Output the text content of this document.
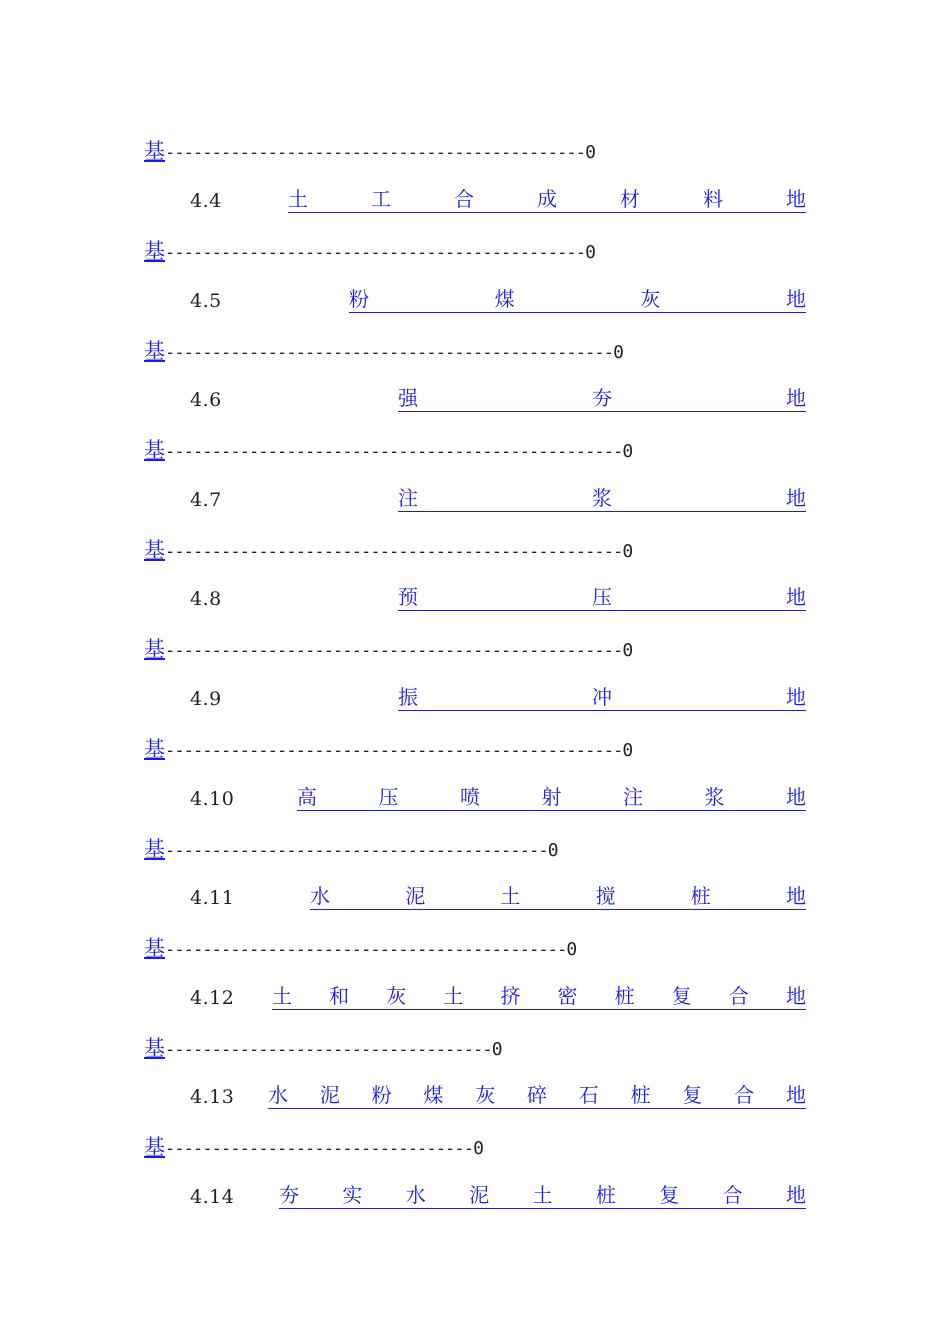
基---------------------------------------------0
4.4	土	工	合	成	材	料	地
基---------------------------------------------0
4.5	粉	煤	灰	地
基------------------------------------------------0
4.6	强	夯	地
基-------------------------------------------------0
4.7	注	浆	地
基-------------------------------------------------0
4.8	预	压	地
基-------------------------------------------------0
4.9	振	冲	地
基-------------------------------------------------0
4.10	高	压	喷	射	注	浆	地
基-----------------------------------------0
4.11	水	泥	土	搅	桩	地
基-------------------------------------------0
4.12 土 和 灰 土 挤 密 桩 复 合 地
基-----------------------------------0
4.13 水 泥 粉 煤 灰 碎 石 桩 复 合 地
基---------------------------------0
4.14 夯 实 水 泥 土 桩 复 合 地
